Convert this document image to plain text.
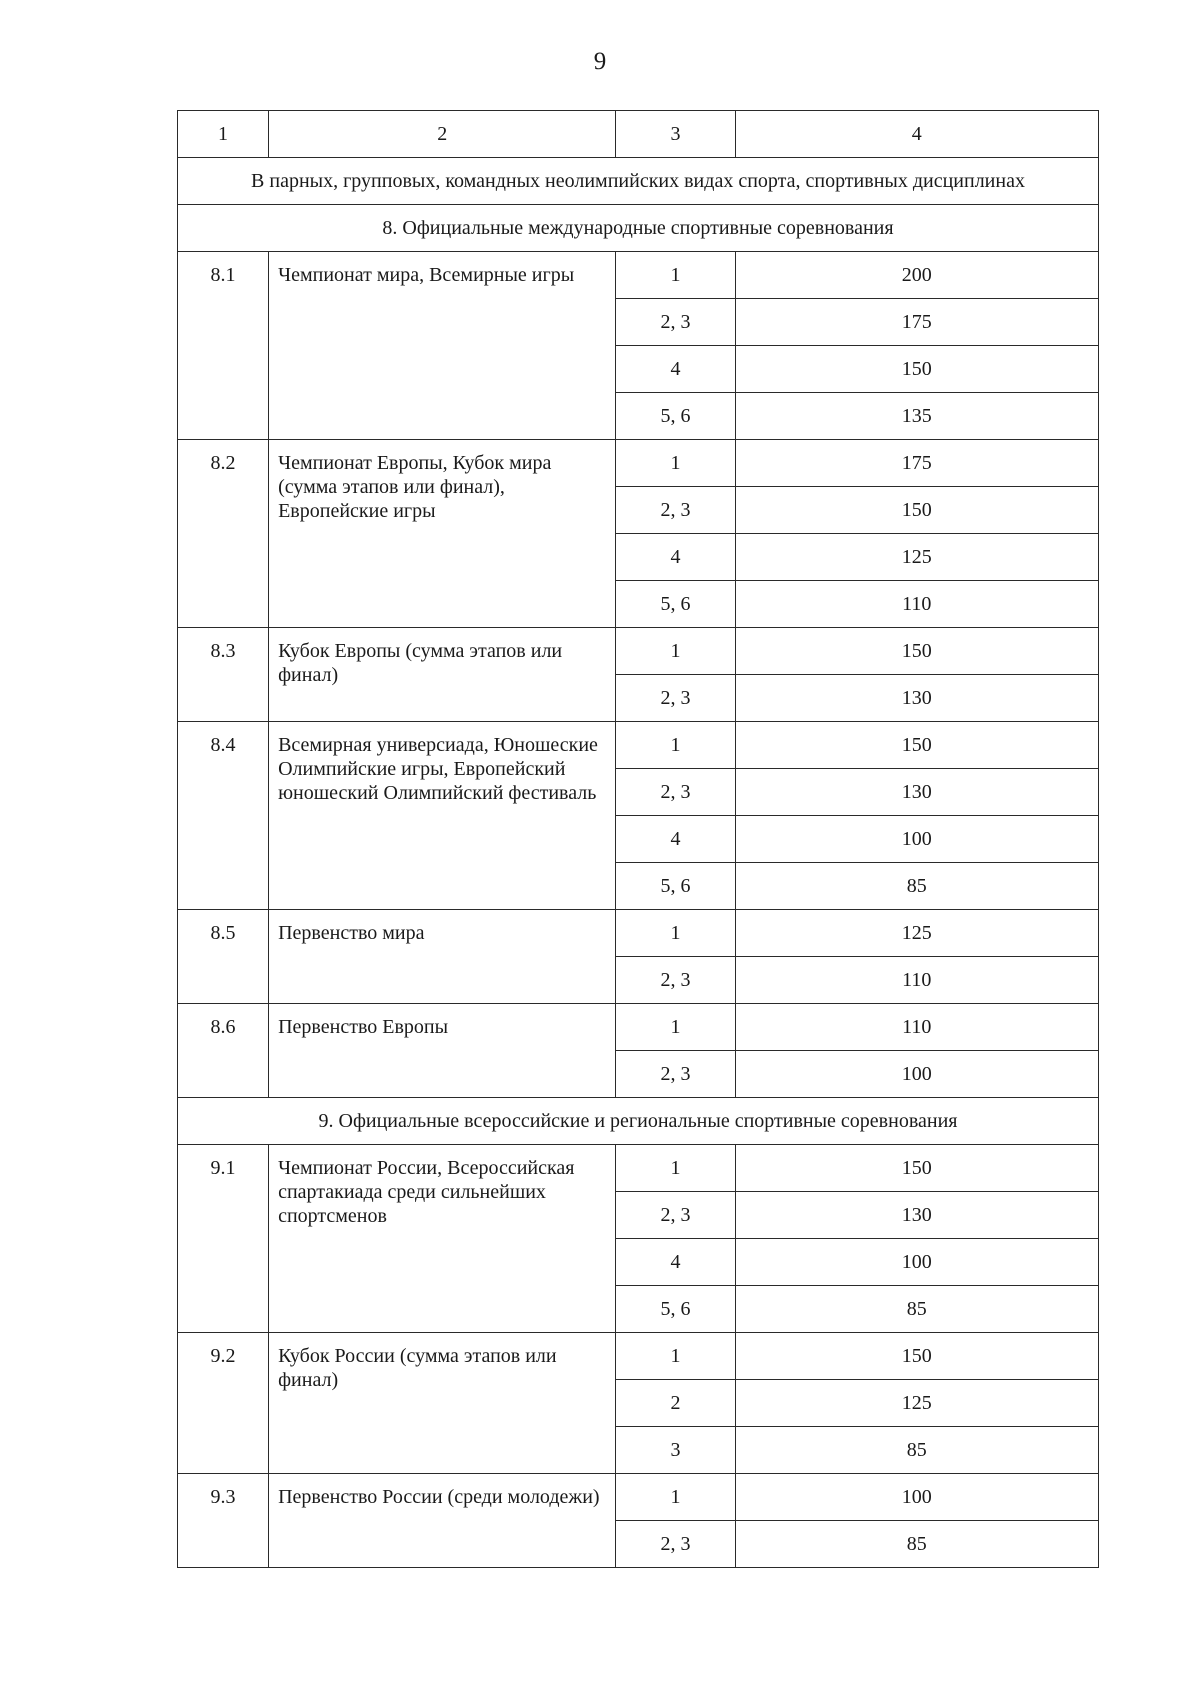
9
1	2	3	4
В парных, групповых, командных неолимпийских видах спорта, спортивных дисциплинах			
8. Официальные международные спортивные соревнования			
8.1	Чемпионат мира, Всемирные игры	1	200
		2, 3	175
		4	150
		5, 6	135
8.2	Чемпионат Европы, Кубок мира (сумма этапов или финал), Европейские игры	1	175
		2, 3	150
		4	125
		5, 6	110
8.3	Кубок Европы (сумма этапов или финал)	1	150
		2, 3	130
8.4	Всемирная универсиада, Юношеские Олимпийские игры, Европейский юношеский Олимпийский фестиваль	1	150
		2, 3	130
		4	100
		5, 6	85
8.5	Первенство мира	1	125
		2, 3	110
8.6	Первенство Европы	1	110
		2, 3	100
9. Официальные всероссийские и региональные спортивные соревнования			
9.1	Чемпионат России, Всероссийская спартакиада среди сильнейших спортсменов	1	150
		2, 3	130
		4	100
		5, 6	85
9.2	Кубок России (сумма этапов или финал)	1	150
		2	125
		3	85
9.3	Первенство России (среди молодежи)	1	100
		2, 3	85
